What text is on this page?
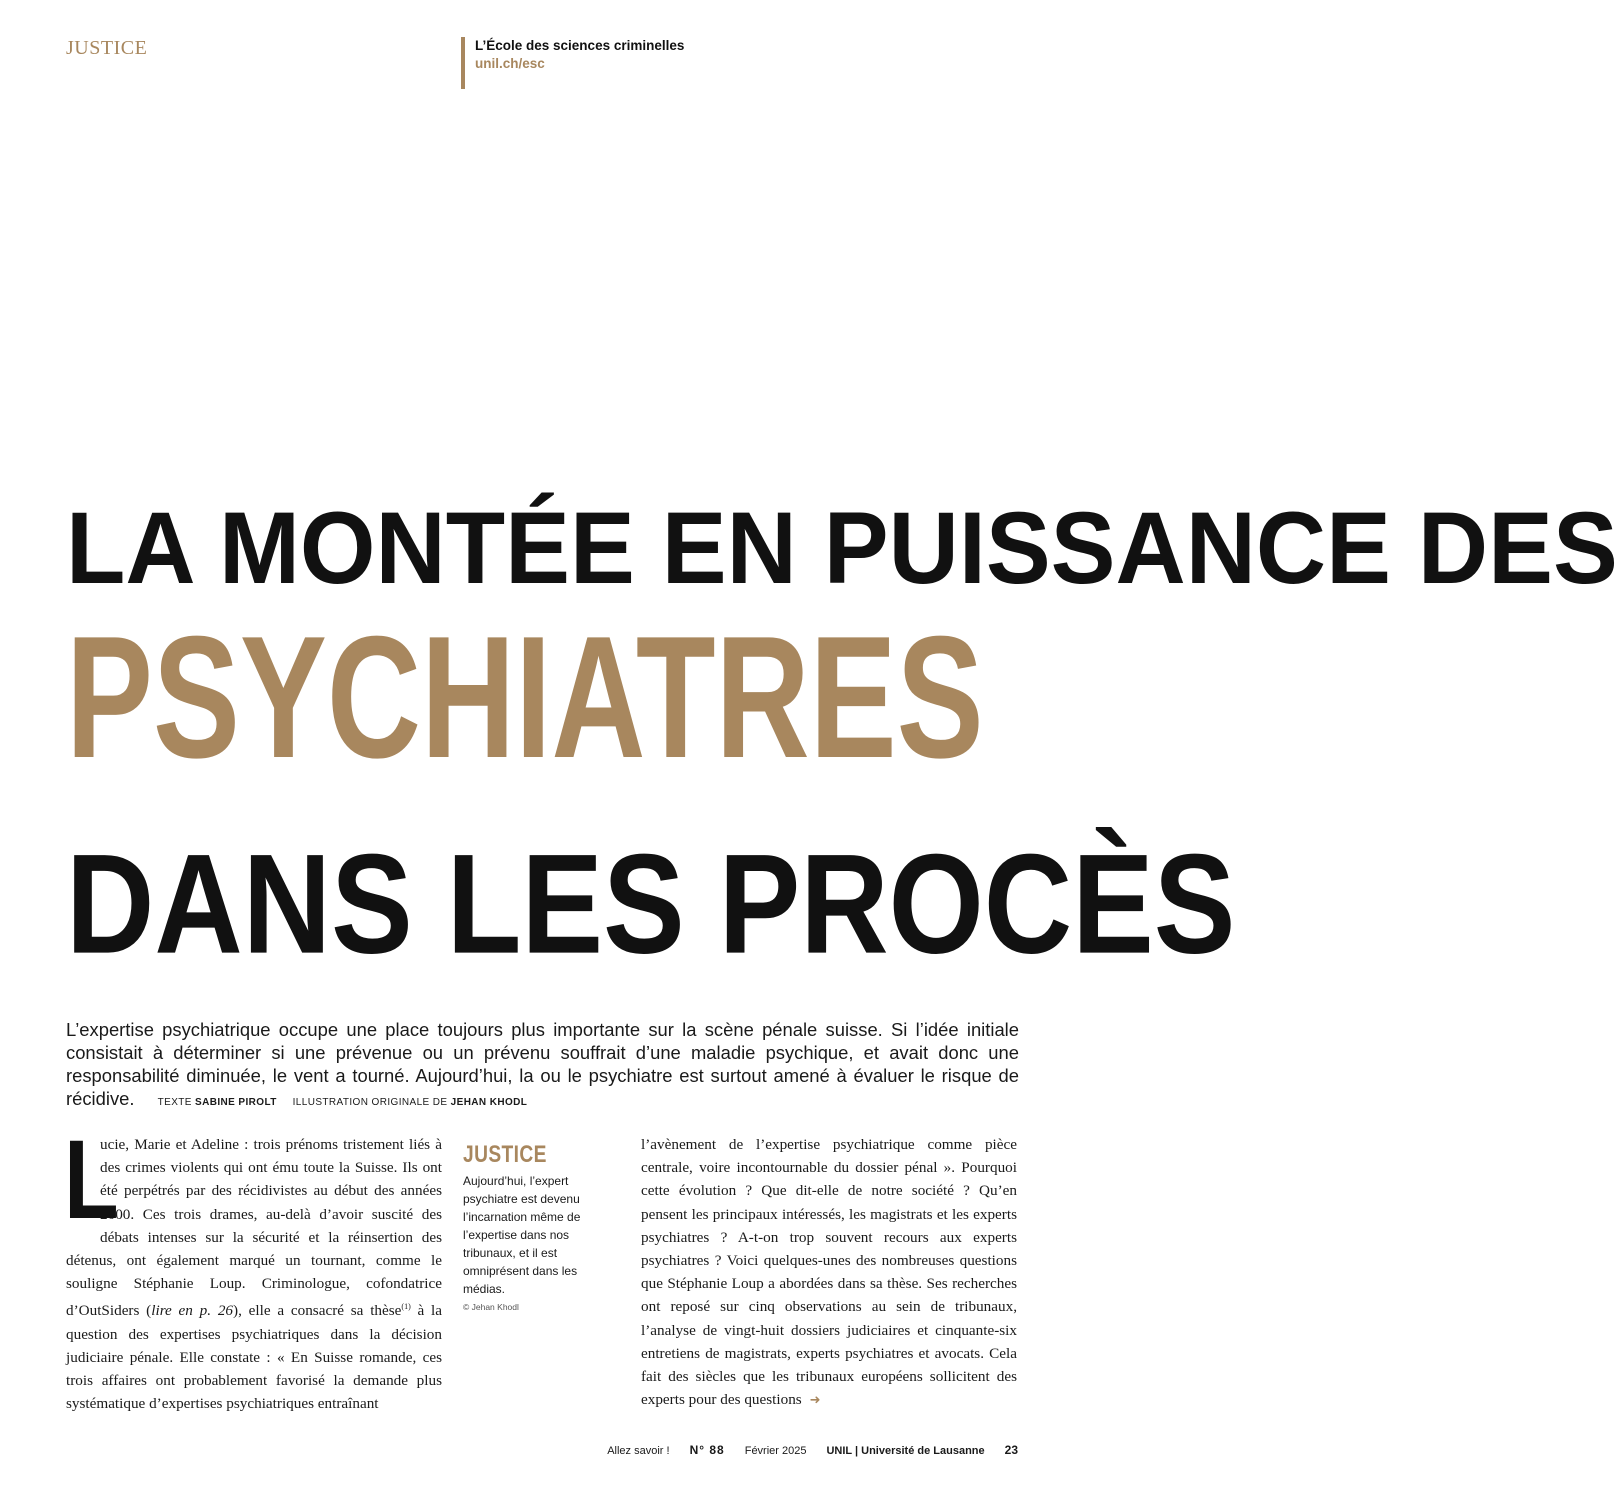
JUSTICE	L’École des sciences criminelles
unil.ch/esc
LA MONTÉE EN PUISSANCE DES
PSYCHIATRES
DANS LES PROCÈS

L’expertise psychiatrique occupe une place toujours plus importante sur la scène pénale suisse. Si l’idée initiale consistait à déterminer si une prévenue ou un prévenu souffrait d’une maladie psychique, et avait donc une responsabilité diminuée, le vent a tourné. Aujourd’hui, la ou le psychiatre est surtout amené à évaluer le risque de récidive. TEXTE SABINE PIROLT ILLUSTRATION ORIGINALE DE JEHAN KHODL

L
ucie, Marie et Adeline : trois prénoms tristement liés à des crimes violents qui ont ému toute la Suisse. Ils ont été perpétrés par des récidivistes au début des années 2000. Ces trois drames, au-delà d’avoir suscité des débats intenses sur la sécurité et la réinsertion des détenus, ont également marqué un tournant, comme le souligne Stéphanie Loup. Criminologue, cofondatrice d’OutSiders (lire en p. 26), elle a consacré sa thèse$^{(1)}$ à la question des expertises psychiatriques dans la décision judiciaire pénale. Elle constate : « En Suisse romande, ces trois affaires ont probablement favorisé la demande plus systématique d’expertises psychiatriques entraînant
JUSTICE
Aujourd’hui, l’expert psychiatre est devenu l’incarnation même de l’expertise dans nos tribunaux, et il est omniprésent dans les médias.
© Jehan Khodl
l’avènement de l’expertise psychiatrique comme pièce centrale, voire incontournable du dossier pénal ». Pourquoi cette évolution ? Que dit-elle de notre société ? Qu’en pensent les principaux intéressés, les magistrats et les experts psychiatres ? A-t-on trop souvent recours aux experts psychiatres ? Voici quelques-unes des nombreuses questions que Stéphanie Loup a abordées dans sa thèse. Ses recherches ont reposé sur cinq observations au sein de tribunaux, l’analyse de vingt-huit dossiers judiciaires et cinquante-six entretiens de magistrats, experts psychiatres et avocats. Cela fait des siècles que les tribunaux européens sollicitent des experts pour des questions  ➜
Allez savoir ! N° 88 Février 2025 UNIL | Université de Lausanne 23
